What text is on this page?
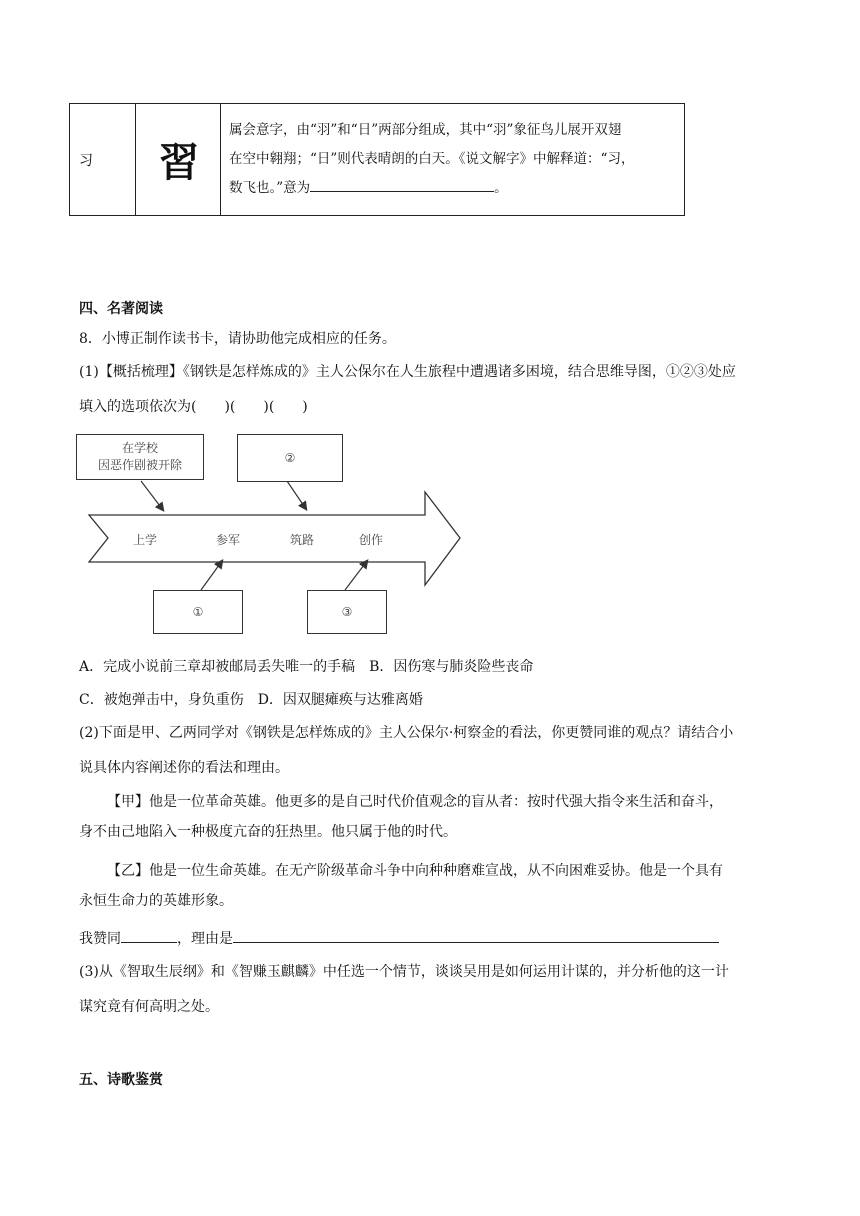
习	習	
属会意字，由“羽”和“日”两部分组成，其中“羽”象征鸟儿展开双翅
在空中翱翔；“日”则代表晴朗的白天。《说文解字》中解释道：“习，
数飞也。”意为	。
四、名著阅读
8．小博正制作读书卡，请协助他完成相应的任务。
(1)【概括梳理】《钢铁是怎样炼成的》主人公保尔在人生旅程中遭遇诸多困境，结合思维导图，①②③处应
填入的选项依次为(　　)(　　)(　　)
在学校
因恶作剧被开除	②
①	③
上学	参军	筑路	创作
A．完成小说前三章却被邮局丢失唯一的手稿　B．因伤寒与肺炎险些丧命
C．被炮弹击中，身负重伤　D．因双腿瘫痪与达雅离婚
(2)下面是甲、乙两同学对《钢铁是怎样炼成的》主人公保尔·柯察金的看法，你更赞同谁的观点？请结合小
说具体内容阐述你的看法和理由。
【甲】他是一位革命英雄。他更多的是自己时代价值观念的盲从者：按时代强大指令来生活和奋斗，
身不由己地陷入一种极度亢奋的狂热里。他只属于他的时代。
【乙】他是一位生命英雄。在无产阶级革命斗争中向种种磨难宣战，从不向困难妥协。他是一个具有
永恒生命力的英雄形象。
我赞同	，理由是
(3)从《智取生辰纲》和《智赚玉麒麟》中任选一个情节，谈谈吴用是如何运用计谋的，并分析他的这一计
谋究竟有何高明之处。
五、诗歌鉴赏
